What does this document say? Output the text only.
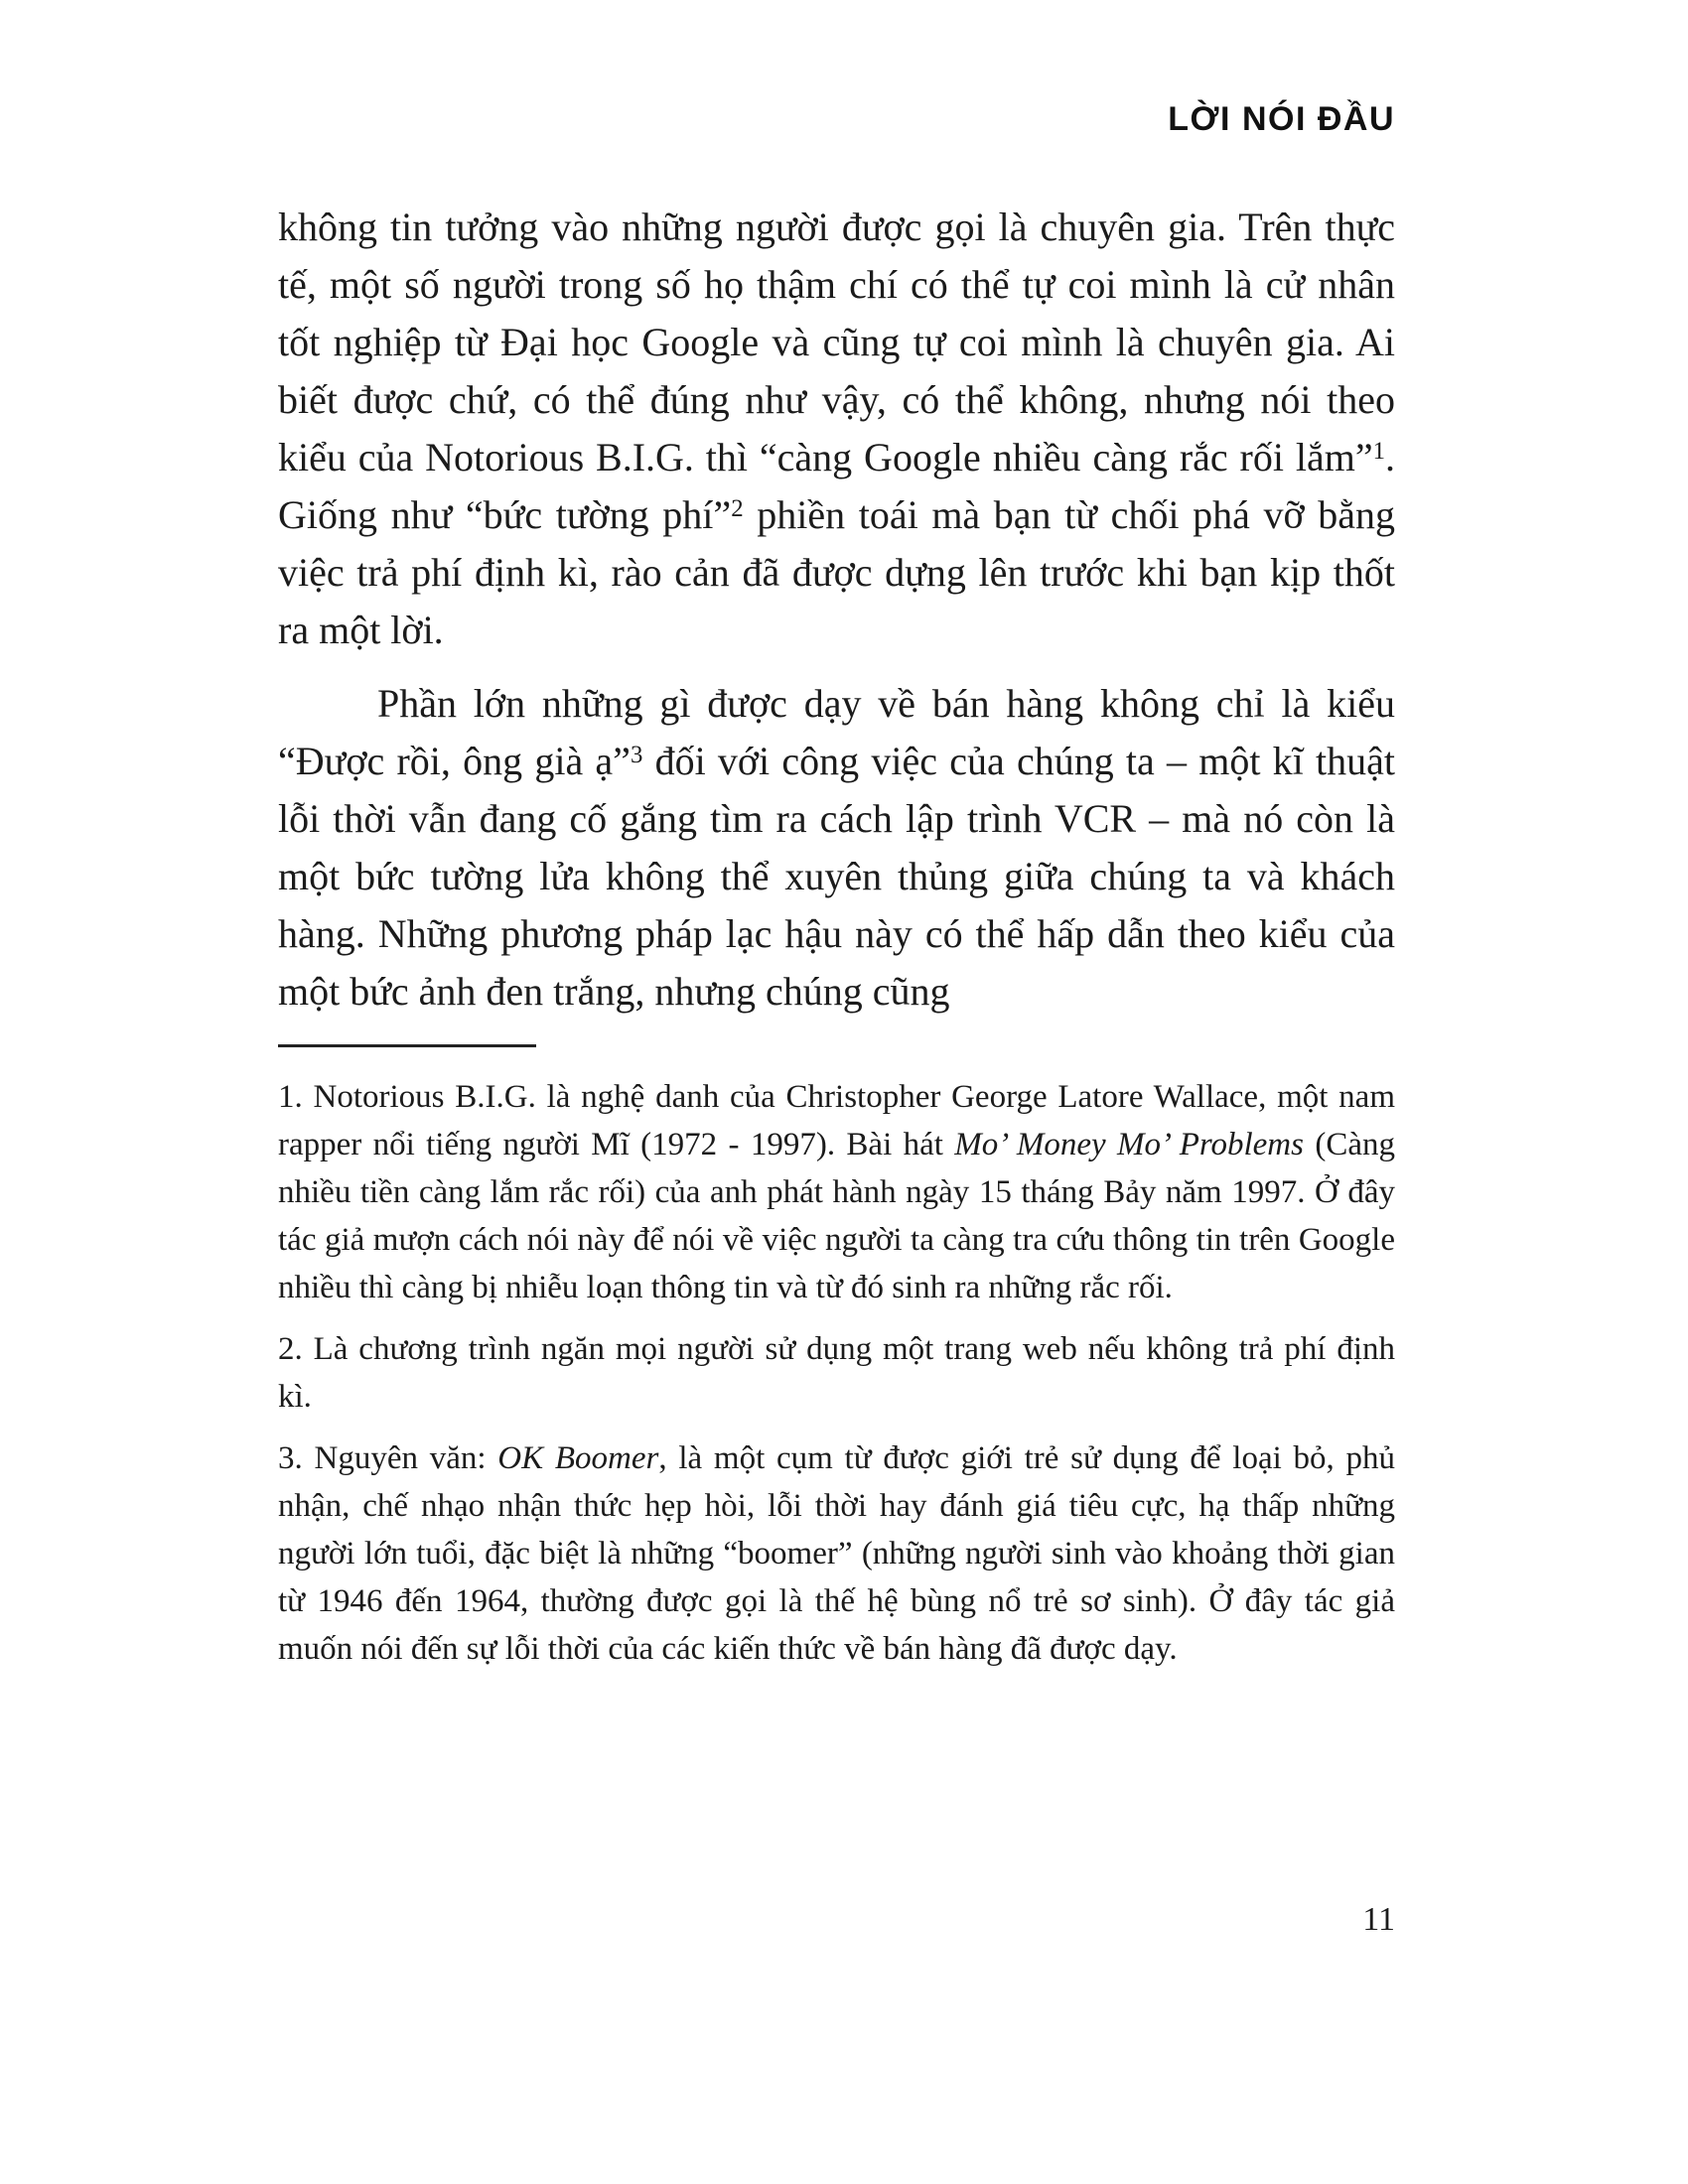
LỜI NÓI ĐẦU

không tin tưởng vào những người được gọi là chuyên gia. Trên thực tế, một số người trong số họ thậm chí có thể tự coi mình là cử nhân tốt nghiệp từ Đại học Google và cũng tự coi mình là chuyên gia. Ai biết được chứ, có thể đúng như vậy, có thể không, nhưng nói theo kiểu của Notorious B.I.G. thì “càng Google nhiều càng rắc rối lắm”$^1$. Giống như “bức tường phí”$^2$ phiền toái mà bạn từ chối phá vỡ bằng việc trả phí định kì, rào cản đã được dựng lên trước khi bạn kịp thốt ra một lời.

Phần lớn những gì được dạy về bán hàng không chỉ là kiểu “Được rồi, ông già ạ”$^3$ đối với công việc của chúng ta – một kĩ thuật lỗi thời vẫn đang cố gắng tìm ra cách lập trình VCR – mà nó còn là một bức tường lửa không thể xuyên thủng giữa chúng ta và khách hàng. Những phương pháp lạc hậu này có thể hấp dẫn theo kiểu của một bức ảnh đen trắng, nhưng chúng cũng

1. Notorious B.I.G. là nghệ danh của Christopher George Latore Wallace, một nam rapper nổi tiếng người Mĩ (1972 - 1997). Bài hát Mo’ Money Mo’ Problems (Càng nhiều tiền càng lắm rắc rối) của anh phát hành ngày 15 tháng Bảy năm 1997. Ở đây tác giả mượn cách nói này để nói về việc người ta càng tra cứu thông tin trên Google nhiều thì càng bị nhiễu loạn thông tin và từ đó sinh ra những rắc rối.

2. Là chương trình ngăn mọi người sử dụng một trang web nếu không trả phí định kì.

3. Nguyên văn: OK Boomer, là một cụm từ được giới trẻ sử dụng để loại bỏ, phủ nhận, chế nhạo nhận thức hẹp hòi, lỗi thời hay đánh giá tiêu cực, hạ thấp những người lớn tuổi, đặc biệt là những “boomer” (những người sinh vào khoảng thời gian từ 1946 đến 1964, thường được gọi là thế hệ bùng nổ trẻ sơ sinh). Ở đây tác giả muốn nói đến sự lỗi thời của các kiến thức về bán hàng đã được dạy.

11
